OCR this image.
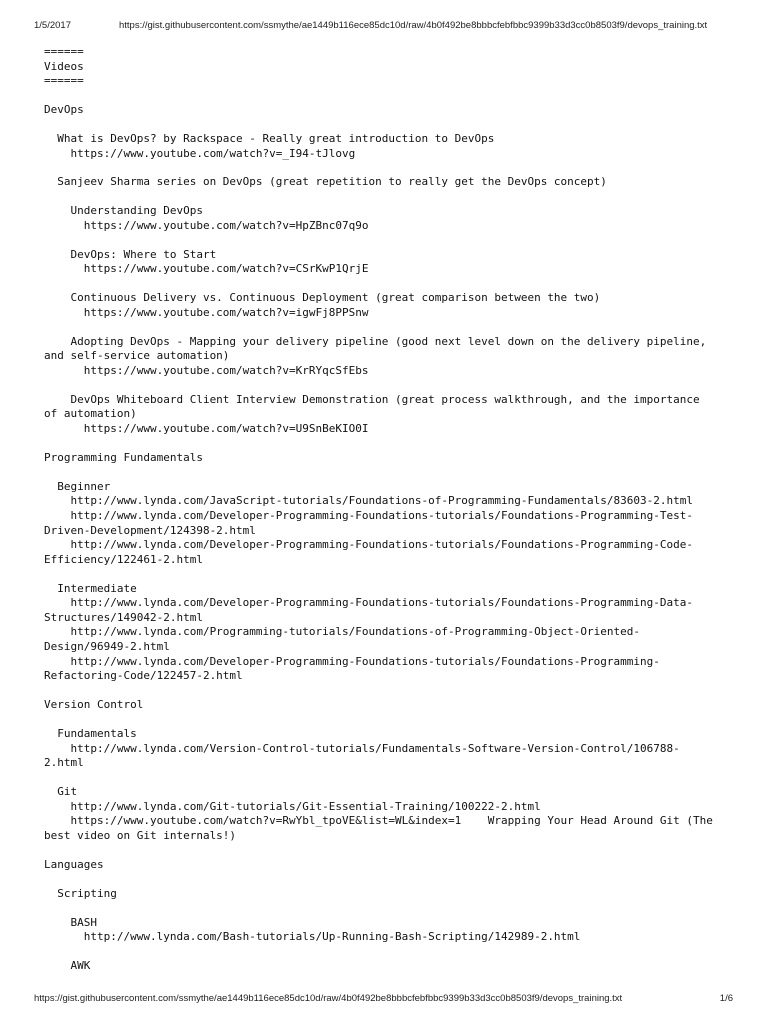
1/5/2017	https://gist.githubusercontent.com/ssmythe/ae1449b116ece85dc10d/raw/4b0f492be8bbbcfebfbbc9399b33d3cc0b8503f9/devops_training.txt
======
Videos
======
DevOps
What is DevOps? by Rackspace - Really great introduction to DevOps
https://www.youtube.com/watch?v=_I94-tJlovg
Sanjeev Sharma series on DevOps (great repetition to really get the DevOps concept)
Understanding DevOps
https://www.youtube.com/watch?v=HpZBnc07q9o
DevOps: Where to Start
https://www.youtube.com/watch?v=CSrKwP1QrjE
Continuous Delivery vs. Continuous Deployment (great comparison between the two)
https://www.youtube.com/watch?v=igwFj8PPSnw
Adopting DevOps - Mapping your delivery pipeline (good next level down on the delivery pipeline,
and self-service automation)
https://www.youtube.com/watch?v=KrRYqcSfEbs
DevOps Whiteboard Client Interview Demonstration (great process walkthrough, and the importance
of automation)
https://www.youtube.com/watch?v=U9SnBeKIO0I
Programming Fundamentals
Beginner
http://www.lynda.com/JavaScript-tutorials/Foundations-of-Programming-Fundamentals/83603-2.html
http://www.lynda.com/Developer-Programming-Foundations-tutorials/Foundations-Programming-Test-
Driven-Development/124398-2.html
http://www.lynda.com/Developer-Programming-Foundations-tutorials/Foundations-Programming-Code-
Efficiency/122461-2.html
Intermediate
http://www.lynda.com/Developer-Programming-Foundations-tutorials/Foundations-Programming-Data-
Structures/149042-2.html
http://www.lynda.com/Programming-tutorials/Foundations-of-Programming-Object-Oriented-
Design/96949-2.html
http://www.lynda.com/Developer-Programming-Foundations-tutorials/Foundations-Programming-
Refactoring-Code/122457-2.html
Version Control
Fundamentals
http://www.lynda.com/Version-Control-tutorials/Fundamentals-Software-Version-Control/106788-
2.html
Git
http://www.lynda.com/Git-tutorials/Git-Essential-Training/100222-2.html
https://www.youtube.com/watch?v=RwYbl_tpoVE&list=WL&index=1    Wrapping Your Head Around Git (The
best video on Git internals!)
Languages
Scripting
BASH
http://www.lynda.com/Bash-tutorials/Up-Running-Bash-Scripting/142989-2.html
AWK
https://gist.githubusercontent.com/ssmythe/ae1449b116ece85dc10d/raw/4b0f492be8bbbcfebfbbc9399b33d3cc0b8503f9/devops_training.txt	1/6
